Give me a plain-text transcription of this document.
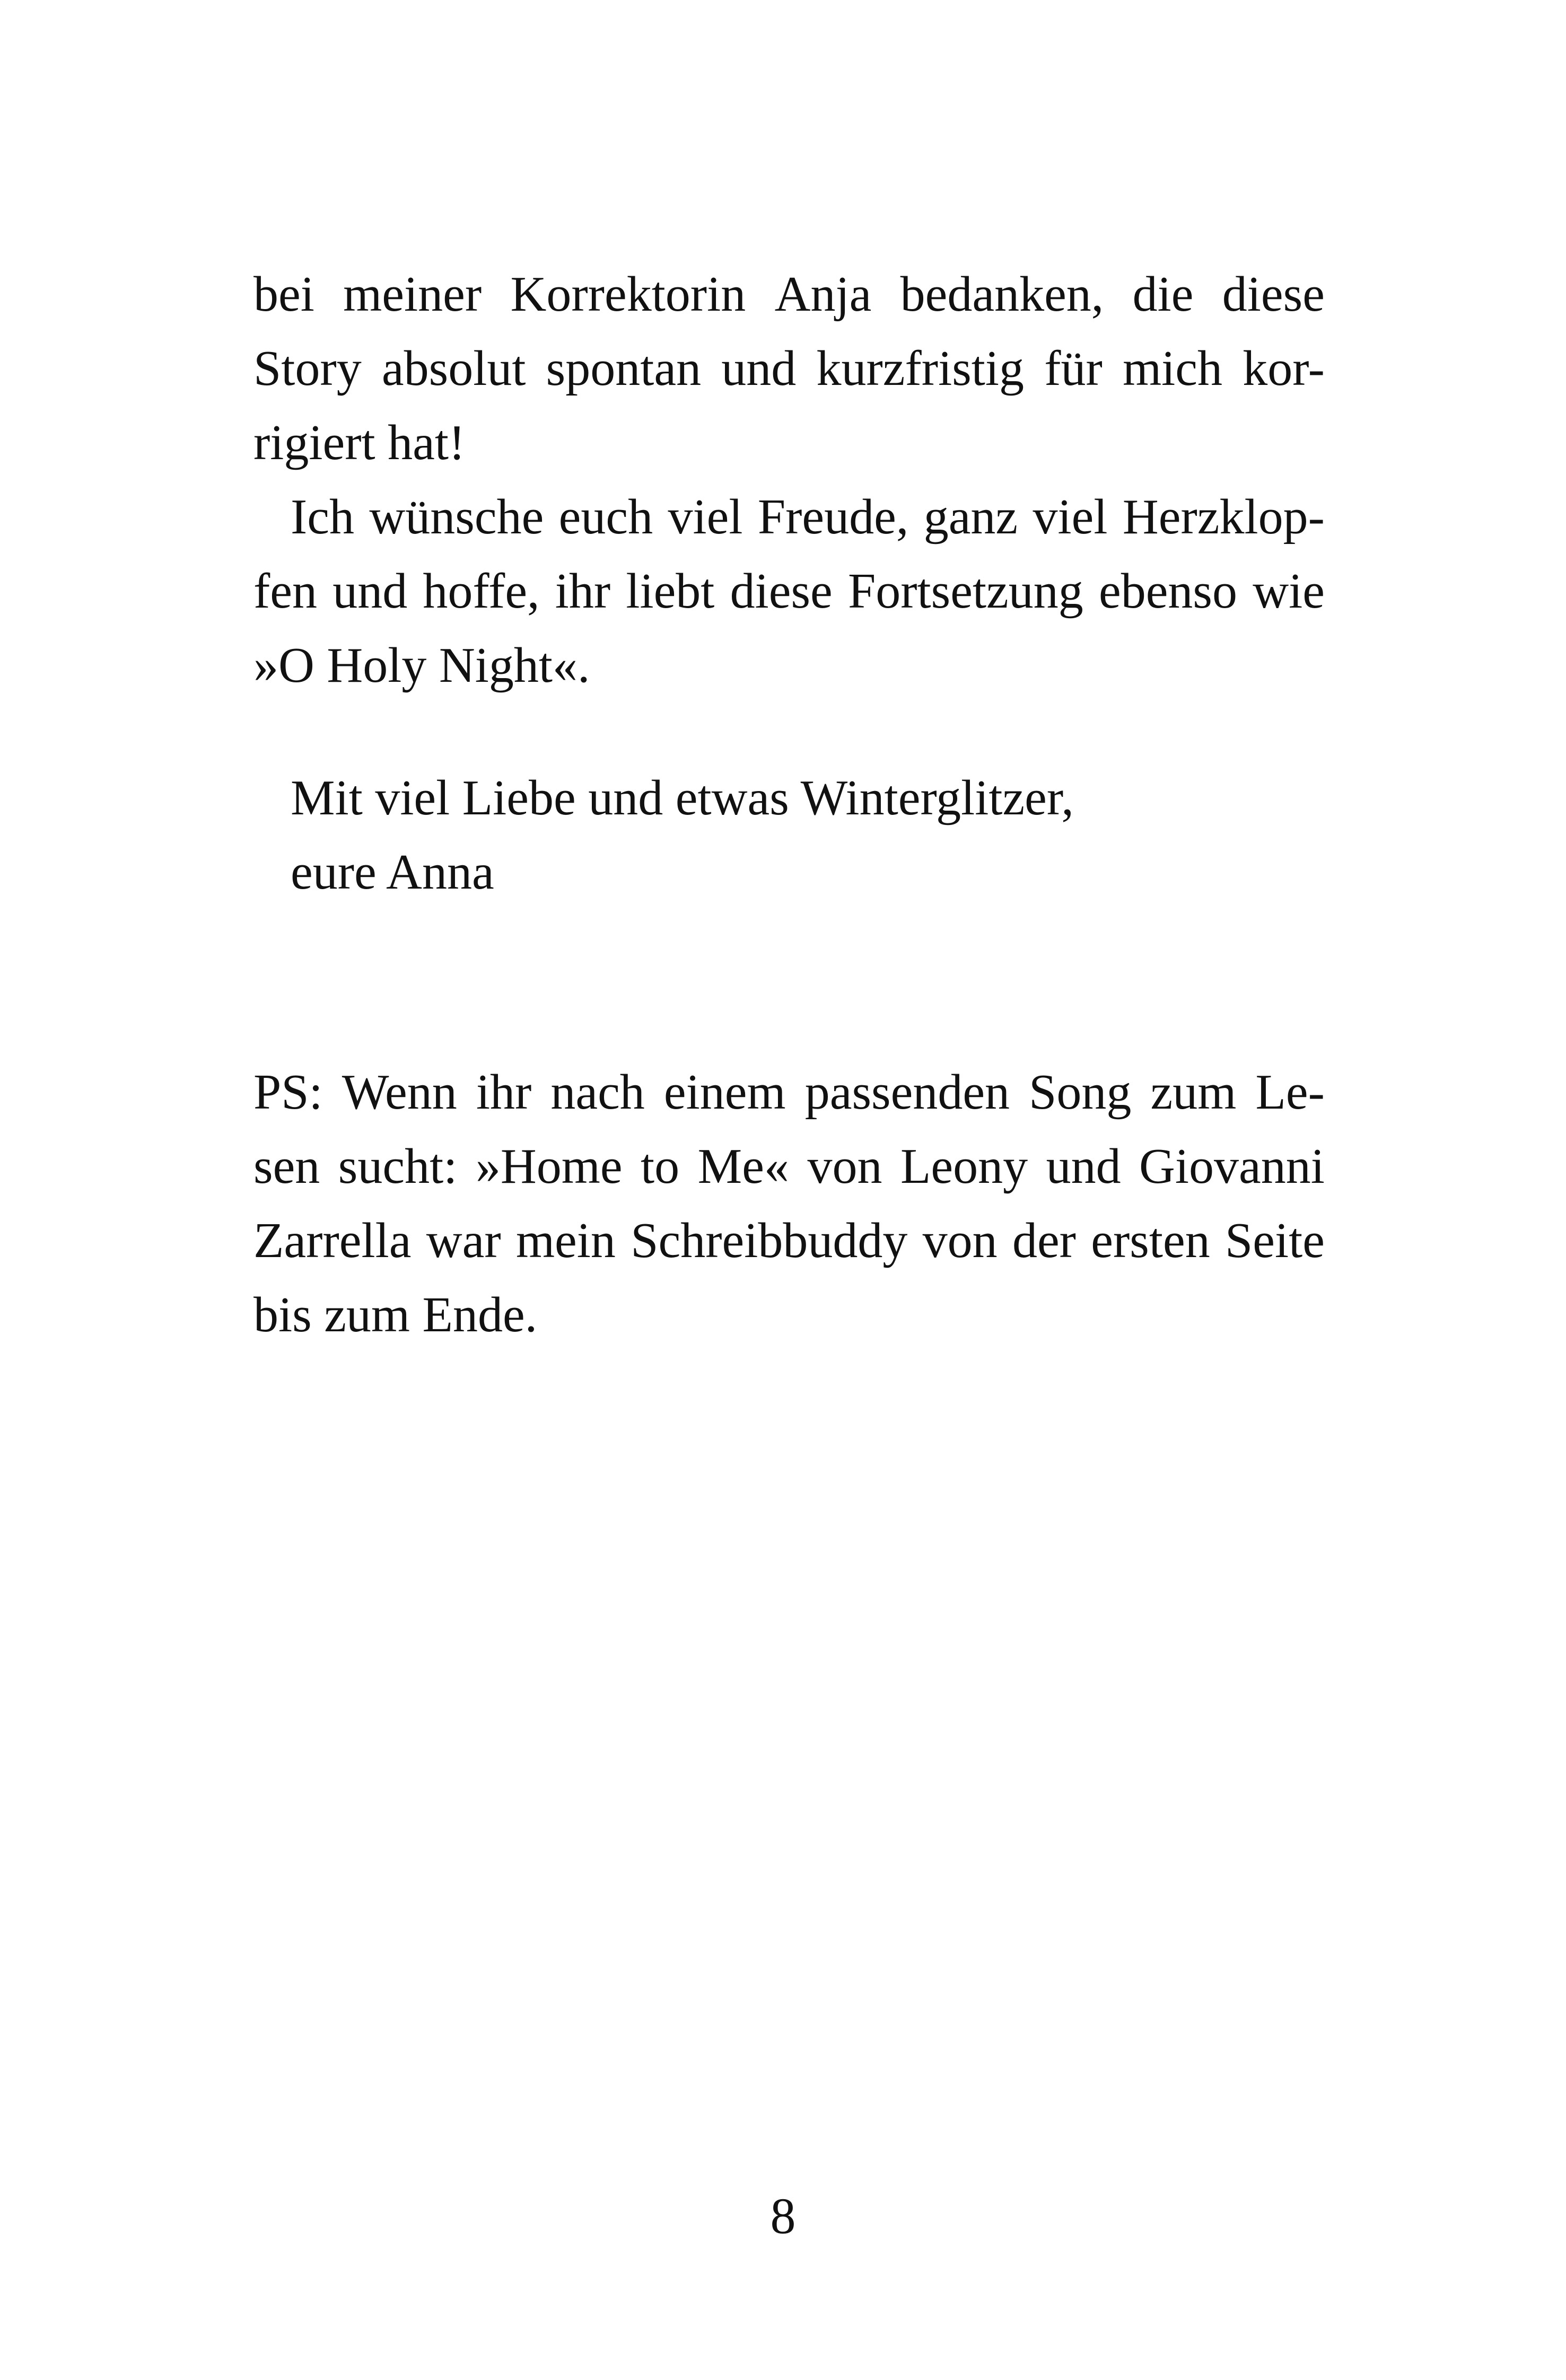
bei meiner Korrektorin Anja bedanken, die diese
Story absolut spontan und kurzfristig für mich kor-
rigiert hat!
Ich wünsche euch viel Freude, ganz viel Herzklop-
fen und hoffe, ihr liebt diese Fortsetzung ebenso wie
»O Holy Night«.
Mit viel Liebe und etwas Winterglitzer,
eure Anna
PS: Wenn ihr nach einem passenden Song zum Le-
sen sucht: »Home to Me« von Leony und Giovanni
Zarrella war mein Schreibbuddy von der ersten Seite
bis zum Ende.
8
